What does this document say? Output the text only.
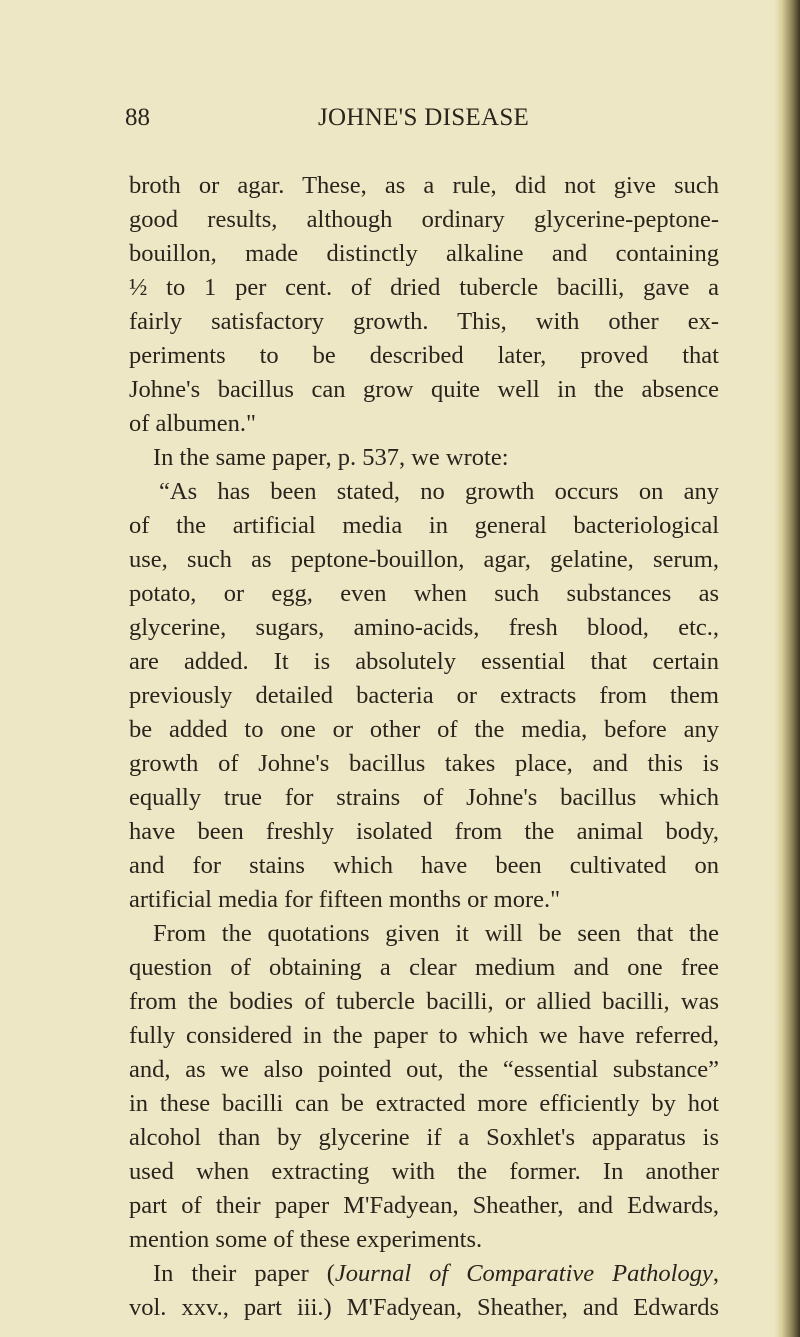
88	JOHNE'S DISEASE
broth or agar. These, as a rule, did not give such
good results, although ordinary glycerine-peptone-
bouillon, made distinctly alkaline and containing
½ to 1 per cent. of dried tubercle bacilli, gave a
fairly satisfactory growth. This, with other ex-
periments to be described later, proved that
Johne's bacillus can grow quite well in the absence
of albumen."
In the same paper, p. 537, we wrote:
“As has been stated, no growth occurs on any
of the artificial media in general bacteriological
use, such as peptone-bouillon, agar, gelatine, serum,
potato, or egg, even when such substances as
glycerine, sugars, amino-acids, fresh blood, etc.,
are added. It is absolutely essential that certain
previously detailed bacteria or extracts from them
be added to one or other of the media, before any
growth of Johne's bacillus takes place, and this is
equally true for strains of Johne's bacillus which
have been freshly isolated from the animal body,
and for stains which have been cultivated on
artificial media for fifteen months or more."
From the quotations given it will be seen that the
question of obtaining a clear medium and one free
from the bodies of tubercle bacilli, or allied bacilli, was
fully considered in the paper to which we have referred,
and, as we also pointed out, the “essential substance”
in these bacilli can be extracted more efficiently by hot
alcohol than by glycerine if a Soxhlet's apparatus is
used when extracting with the former. In another
part of their paper M'Fadyean, Sheather, and Edwards,
mention some of these experiments.
In their paper (Journal of Comparative Pathology,
vol. xxv., part iii.) M'Fadyean, Sheather, and Edwards
